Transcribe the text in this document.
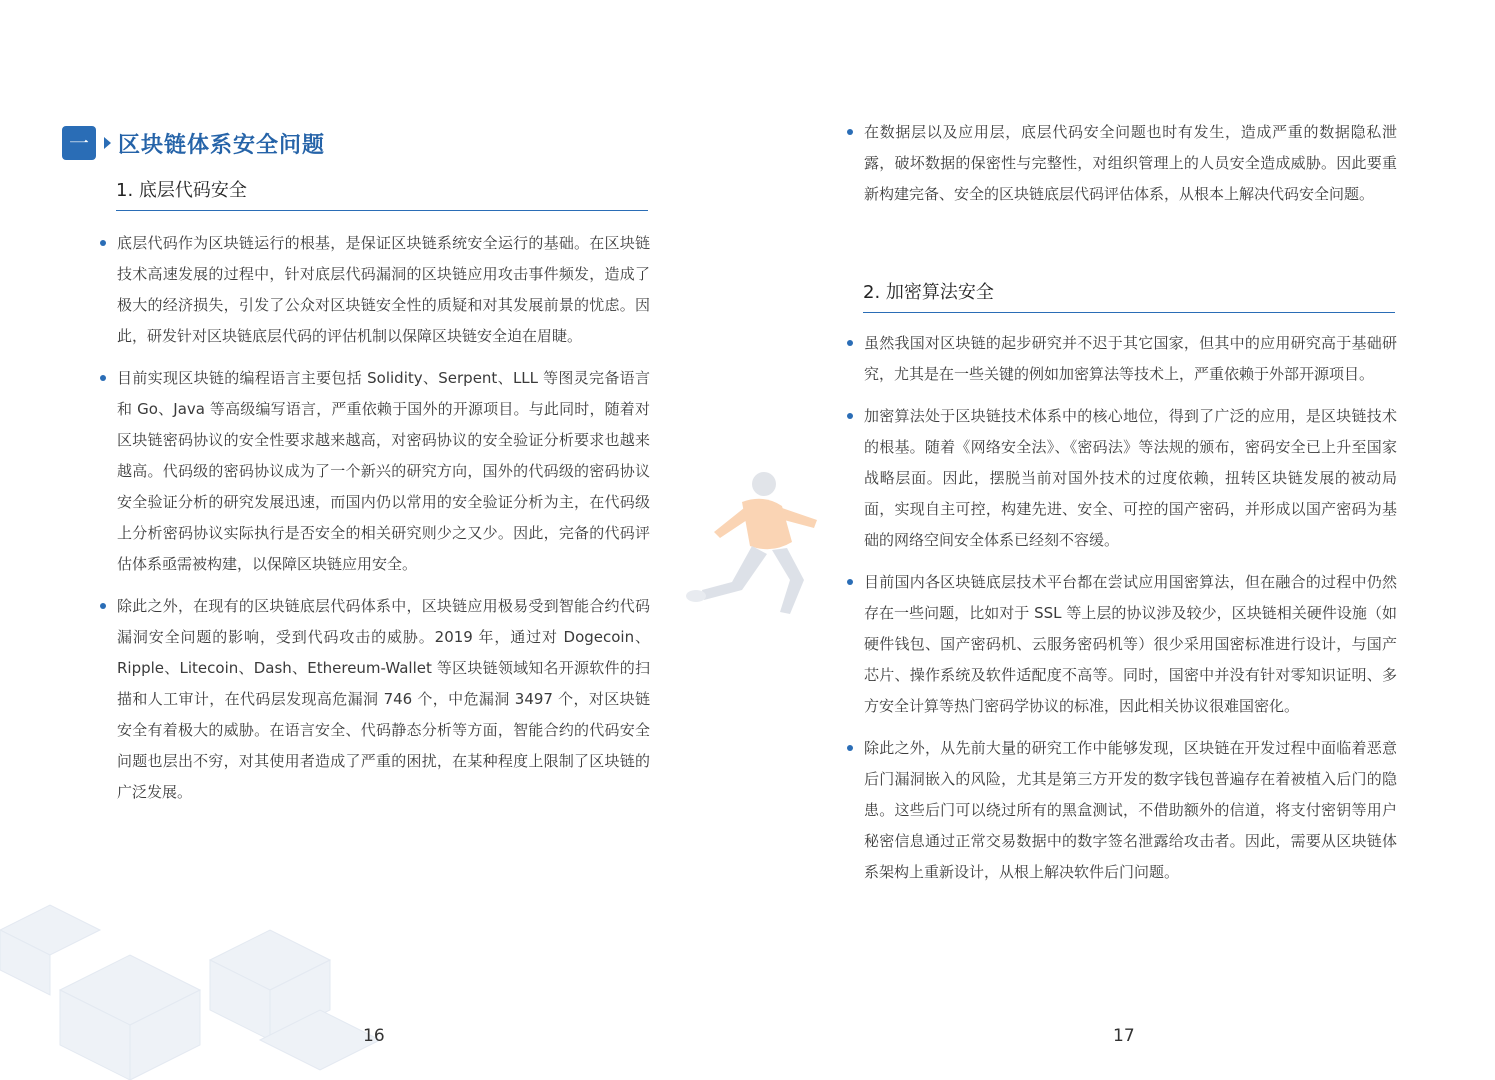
一	区块链体系安全问题
1. 底层代码安全
底层代码作为区块链运行的根基，是保证区块链系统安全运行的基础。在区块链技术高速发展的过程中，针对底层代码漏洞的区块链应用攻击事件频发，造成了极大的经济损失，引发了公众对区块链安全性的质疑和对其发展前景的忧虑。因此，研发针对区块链底层代码的评估机制以保障区块链安全迫在眉睫。
目前实现区块链的编程语言主要包括 Solidity、Serpent、LLL 等图灵完备语言和 Go、Java 等高级编写语言，严重依赖于国外的开源项目。与此同时，随着对区块链密码协议的安全性要求越来越高，对密码协议的安全验证分析要求也越来越高。代码级的密码协议成为了一个新兴的研究方向，国外的代码级的密码协议安全验证分析的研究发展迅速，而国内仍以常用的安全验证分析为主，在代码级上分析密码协议实际执行是否安全的相关研究则少之又少。因此，完备的代码评估体系亟需被构建，以保障区块链应用安全。
除此之外，在现有的区块链底层代码体系中，区块链应用极易受到智能合约代码漏洞安全问题的影响，受到代码攻击的威胁。2019 年，通过对 Dogecoin、Ripple、Litecoin、Dash、Ethereum-Wallet 等区块链领域知名开源软件的扫描和人工审计，在代码层发现高危漏洞 746 个，中危漏洞 3497 个，对区块链安全有着极大的威胁。在语言安全、代码静态分析等方面，智能合约的代码安全问题也层出不穷，对其使用者造成了严重的困扰，在某种程度上限制了区块链的广泛发展。
16
在数据层以及应用层，底层代码安全问题也时有发生，造成严重的数据隐私泄露，破坏数据的保密性与完整性，对组织管理上的人员安全造成威胁。因此要重新构建完备、安全的区块链底层代码评估体系，从根本上解决代码安全问题。
2. 加密算法安全
虽然我国对区块链的起步研究并不迟于其它国家，但其中的应用研究高于基础研究，尤其是在一些关键的例如加密算法等技术上，严重依赖于外部开源项目。
加密算法处于区块链技术体系中的核心地位，得到了广泛的应用，是区块链技术的根基。随着《网络安全法》、《密码法》等法规的颁布，密码安全已上升至国家战略层面。因此，摆脱当前对国外技术的过度依赖，扭转区块链发展的被动局面，实现自主可控，构建先进、安全、可控的国产密码，并形成以国产密码为基础的网络空间安全体系已经刻不容缓。
目前国内各区块链底层技术平台都在尝试应用国密算法，但在融合的过程中仍然存在一些问题，比如对于 SSL 等上层的协议涉及较少，区块链相关硬件设施（如硬件钱包、国产密码机、云服务密码机等）很少采用国密标准进行设计，与国产芯片、操作系统及软件适配度不高等。同时，国密中并没有针对零知识证明、多方安全计算等热门密码学协议的标准，因此相关协议很难国密化。
除此之外，从先前大量的研究工作中能够发现，区块链在开发过程中面临着恶意后门漏洞嵌入的风险，尤其是第三方开发的数字钱包普遍存在着被植入后门的隐患。这些后门可以绕过所有的黑盒测试，不借助额外的信道，将支付密钥等用户秘密信息通过正常交易数据中的数字签名泄露给攻击者。因此，需要从区块链体系架构上重新设计，从根上解决软件后门问题。
17
